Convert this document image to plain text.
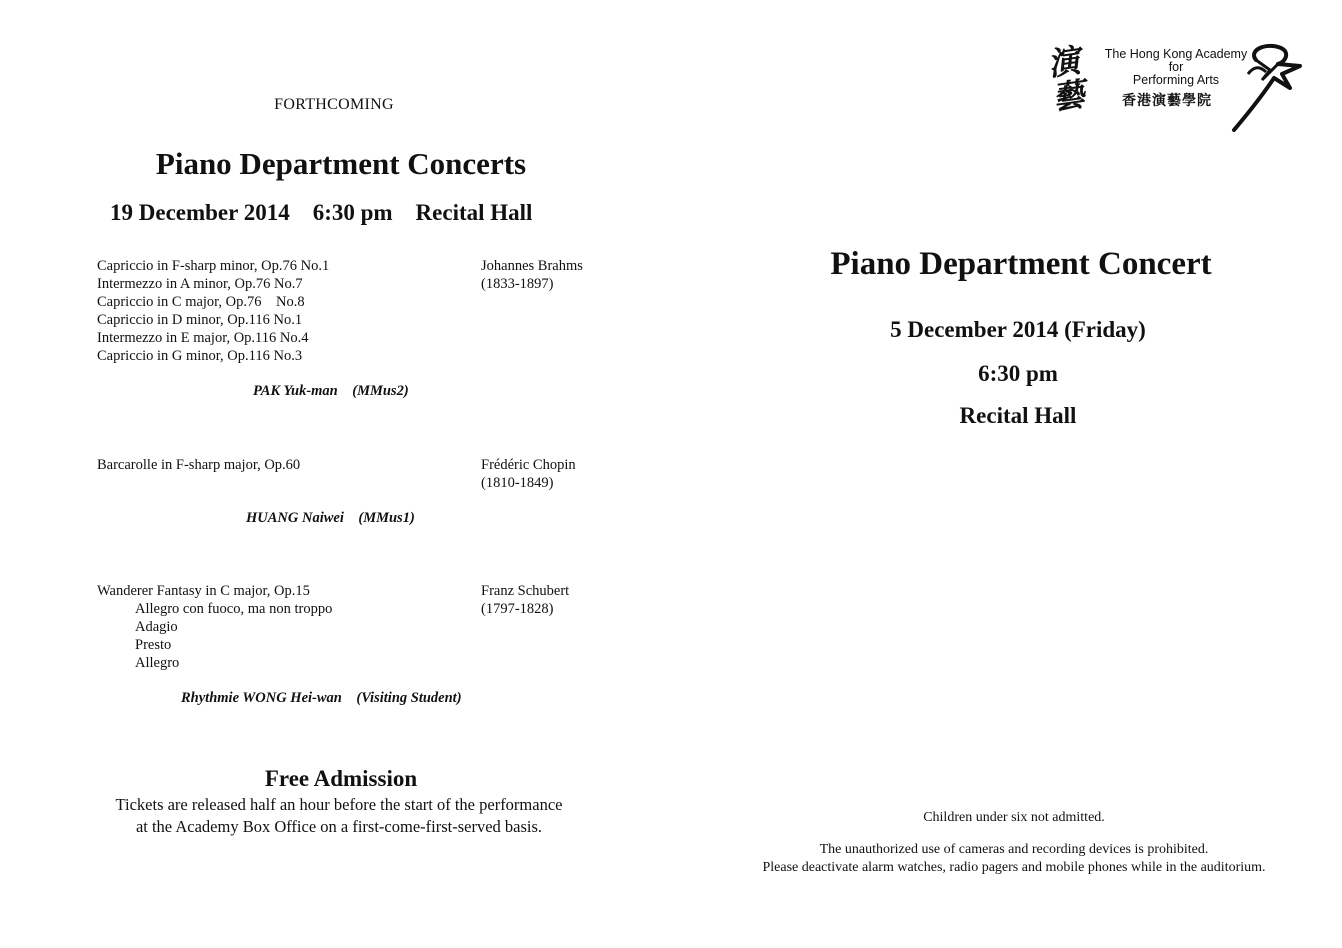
FORTHCOMING
Piano Department Concerts
19 December 2014    6:30 pm    Recital Hall
Capriccio in F-sharp minor, Op.76 No.1
Intermezzo in A minor, Op.76 No.7
Capriccio in C major, Op.76    No.8
Capriccio in D minor, Op.116 No.1
Intermezzo in E major, Op.116 No.4
Capriccio in G minor, Op.116 No.3
Johannes Brahms
(1833-1897)
PAK Yuk-man    (MMus2)
Barcarolle in F-sharp major, Op.60	Frédéric Chopin
(1810-1849)
HUANG Naiwei    (MMus1)
Wanderer Fantasy in C major, Op.15
Allegro con fuoco, ma non troppo
Adagio
Presto
Allegro
Franz Schubert
(1797-1828)
Rhythmie WONG Hei-wan    (Visiting Student)
Free Admission
Tickets are released half an hour before the start of the performance
at the Academy Box Office on a first-come-first-served basis.
演藝
The Hong Kong Academy
for
Performing Arts
香港演藝學院
Piano Department Concert
5 December 2014 (Friday)
6:30 pm
Recital Hall
Children under six not admitted.
The unauthorized use of cameras and recording devices is prohibited.
Please deactivate alarm watches, radio pagers and mobile phones while in the auditorium.
